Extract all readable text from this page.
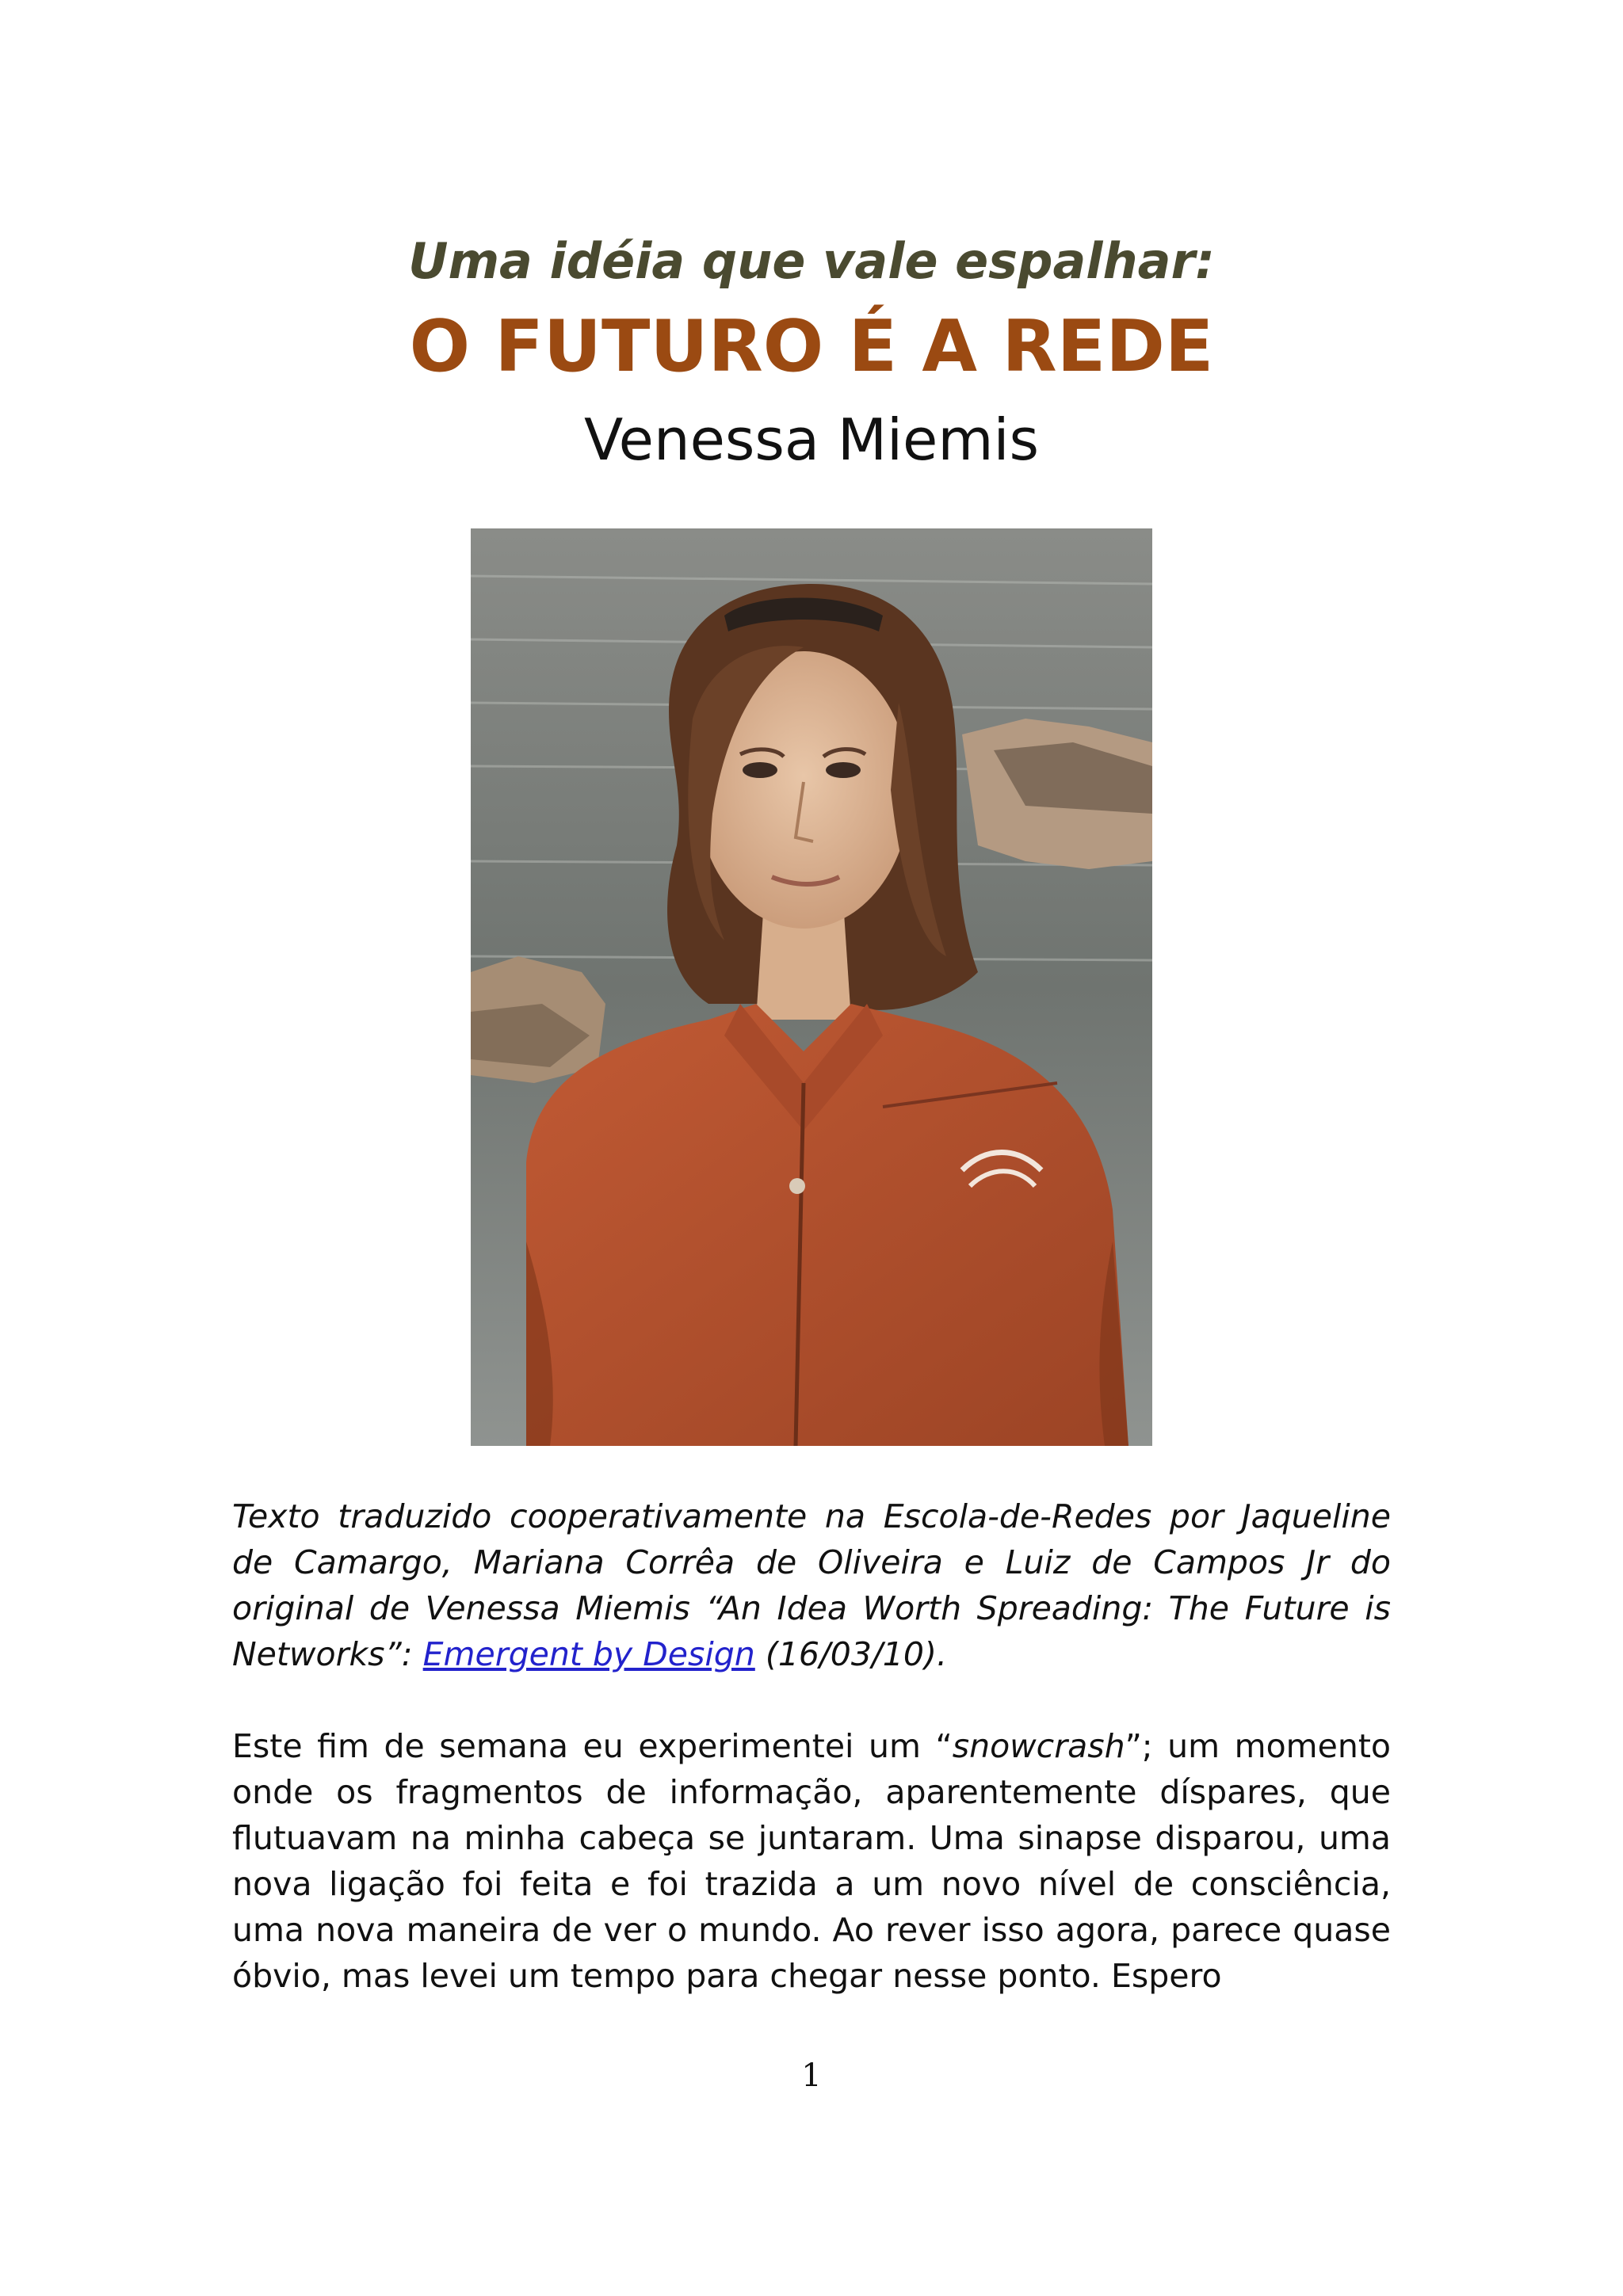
Uma idéia que vale espalhar:
O FUTURO É A REDE
Venessa Miemis
Texto traduzido cooperativamente na Escola-de-Redes por Jaqueline de Camargo, Mariana Corrêa de Oliveira e Luiz de Campos Jr do original de Venessa Miemis “An Idea Worth Spreading: The Future is Networks”: Emergent by Design (16/03/10).
Este fim de semana eu experimentei um “snowcrash”; um momento onde os fragmentos de informação, aparentemente díspares, que flutuavam na minha cabeça se juntaram. Uma sinapse disparou, uma nova ligação foi feita e foi trazida a um novo nível de consciência, uma nova maneira de ver o mundo. Ao rever isso agora, parece quase óbvio, mas levei um tempo para chegar nesse ponto. Espero
1
